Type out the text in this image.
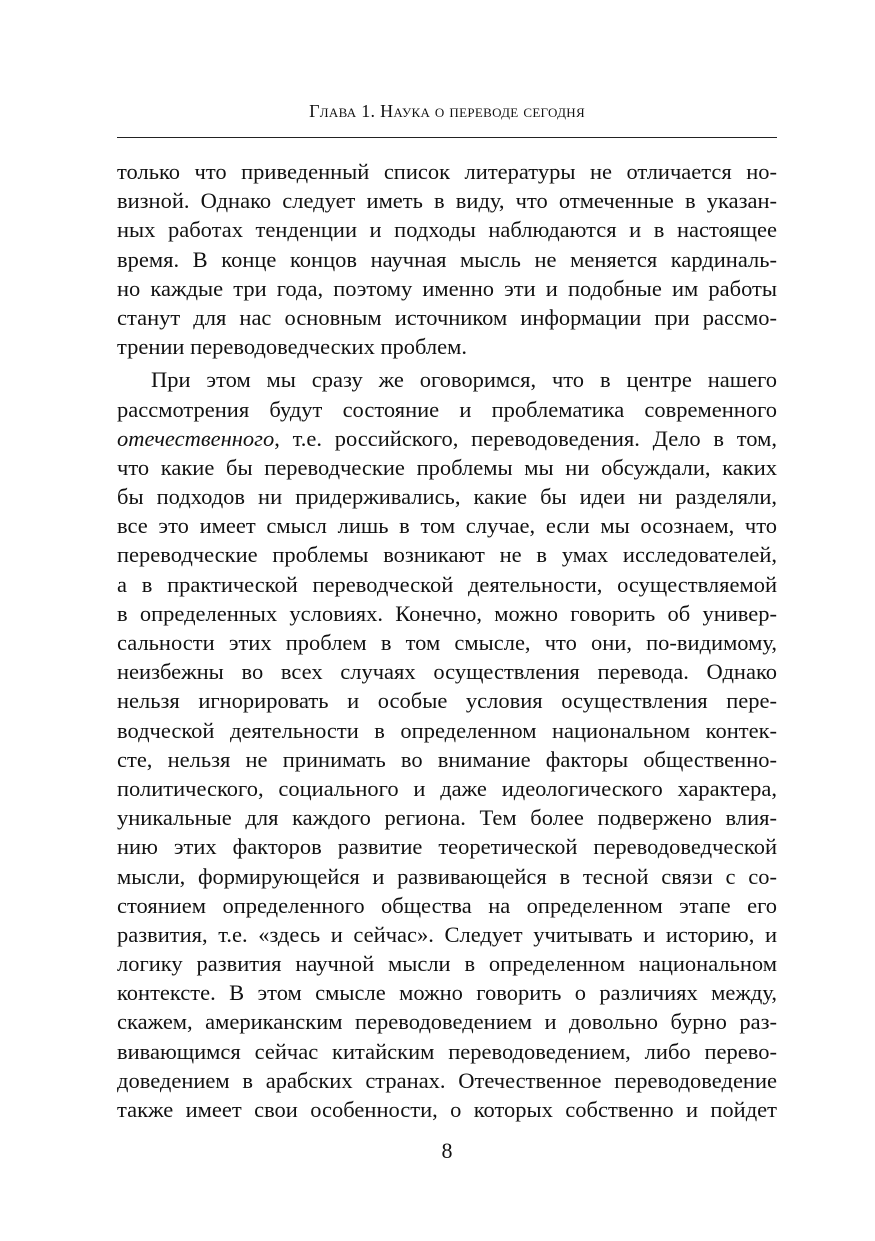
Глава 1. Наука о переводе сегодня
только что приведенный список литературы не отличается но-
визной. Однако следует иметь в виду, что отмеченные в указан-
ных работах тенденции и подходы наблюдаются и в настоящее
время. В конце концов научная мысль не меняется кардиналь-
но каждые три года, поэтому именно эти и подобные им работы
станут для нас основным источником информации при рассмо-
трении переводоведческих проблем.
При этом мы сразу же оговоримся, что в центре нашего
рассмотрения будут состояние и проблематика современного
отечественного, т.е. российского, переводоведения. Дело в том,
что какие бы переводческие проблемы мы ни обсуждали, каких
бы подходов ни придерживались, какие бы идеи ни разделяли,
все это имеет смысл лишь в том случае, если мы осознаем, что
переводческие проблемы возникают не в умах исследователей,
а в практической переводческой деятельности, осуществляемой
в определенных условиях. Конечно, можно говорить об универ-
сальности этих проблем в том смысле, что они, по-видимому,
неизбежны во всех случаях осуществления перевода. Однако
нельзя игнорировать и особые условия осуществления пере-
водческой деятельности в определенном национальном контек-
сте, нельзя не принимать во внимание факторы общественно-
политического, социального и даже идеологического характера,
уникальные для каждого региона. Тем более подвержено влия-
нию этих факторов развитие теоретической переводоведческой
мысли, формирующейся и развивающейся в тесной связи с со-
стоянием определенного общества на определенном этапе его
развития, т.е. «здесь и сейчас». Следует учитывать и историю, и
логику развития научной мысли в определенном национальном
контексте. В этом смысле можно говорить о различиях между,
скажем, американским переводоведением и довольно бурно раз-
вивающимся сейчас китайским переводоведением, либо перево-
доведением в арабских странах. Отечественное переводоведение
также имеет свои особенности, о которых собственно и пойдет
8
